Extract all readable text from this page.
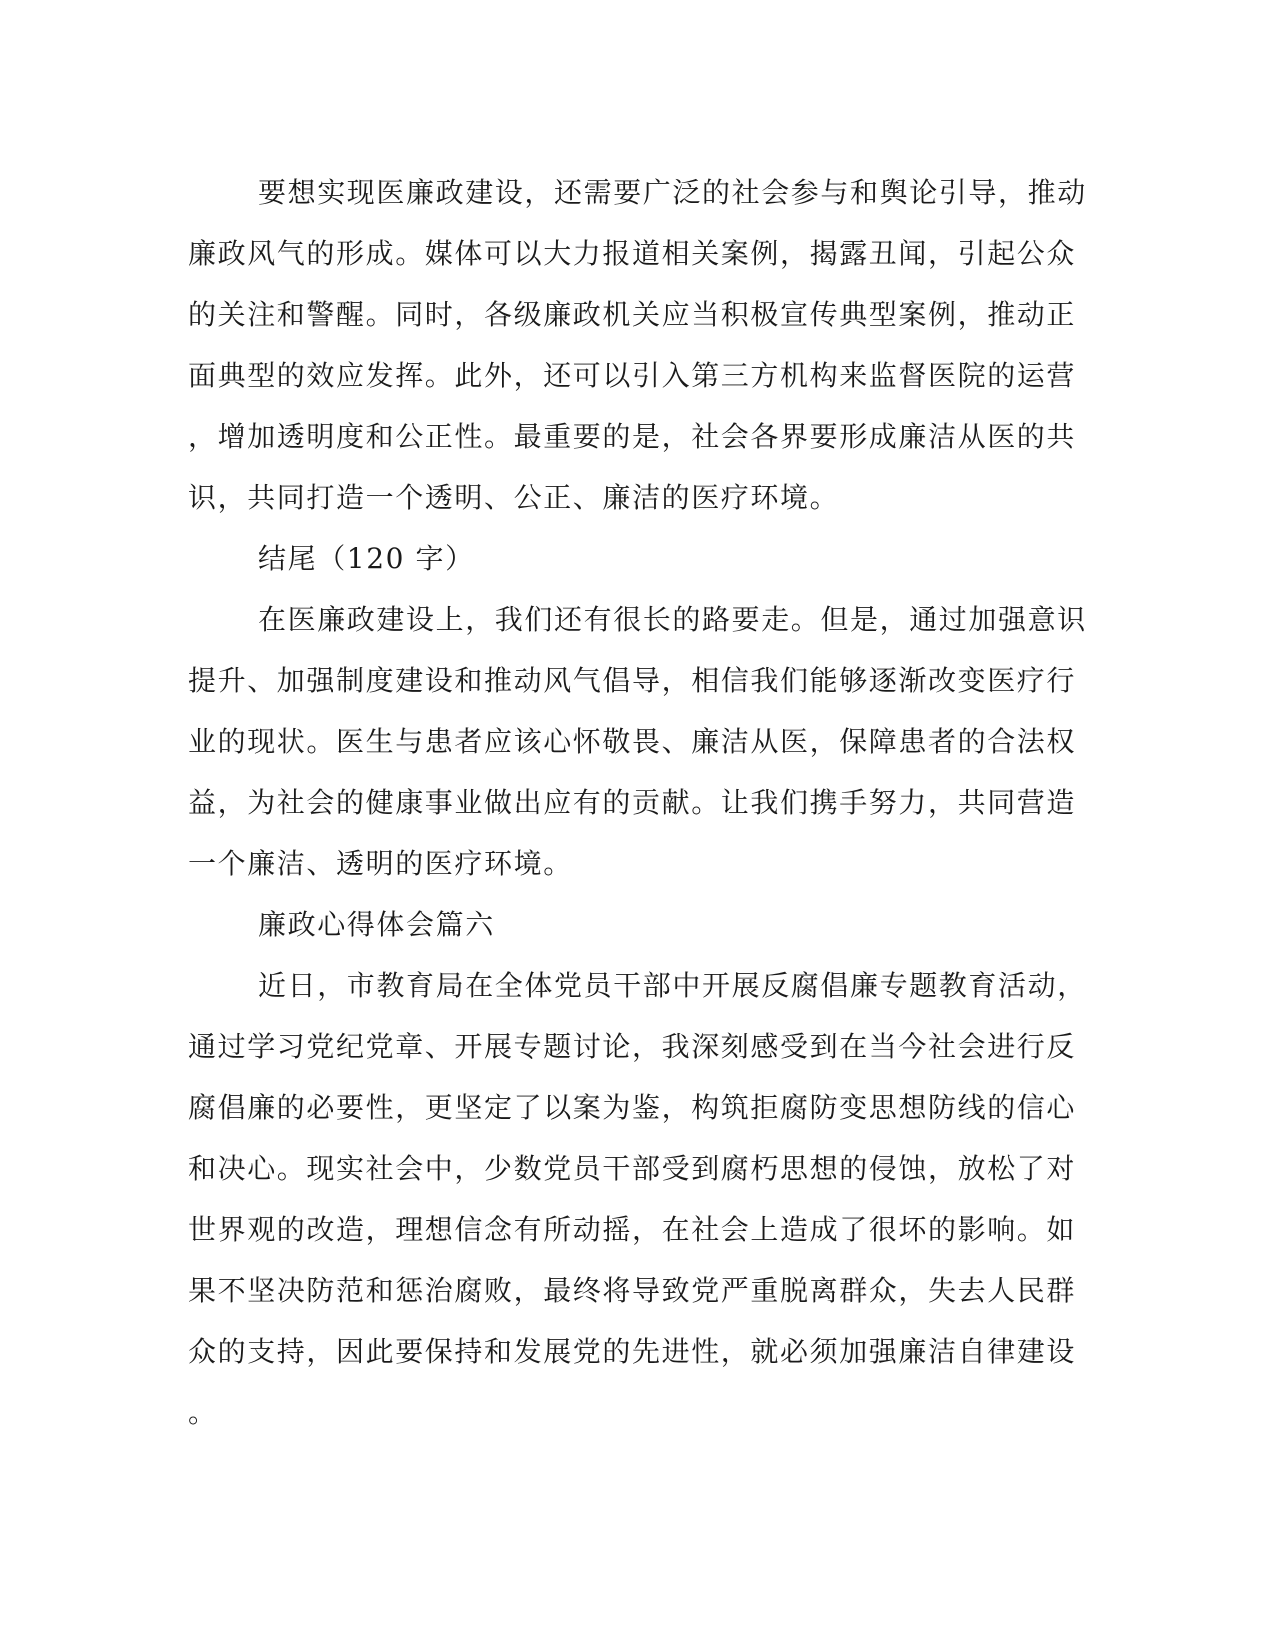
要想实现医廉政建设，还需要广泛的社会参与和舆论引导，推动
廉政风气的形成。媒体可以大力报道相关案例，揭露丑闻，引起公众
的关注和警醒。同时，各级廉政机关应当积极宣传典型案例，推动正
面典型的效应发挥。此外，还可以引入第三方机构来监督医院的运营
，增加透明度和公正性。最重要的是，社会各界要形成廉洁从医的共
识，共同打造一个透明、公正、廉洁的医疗环境。
结尾（120 字）
在医廉政建设上，我们还有很长的路要走。但是，通过加强意识
提升、加强制度建设和推动风气倡导，相信我们能够逐渐改变医疗行
业的现状。医生与患者应该心怀敬畏、廉洁从医，保障患者的合法权
益，为社会的健康事业做出应有的贡献。让我们携手努力，共同营造
一个廉洁、透明的医疗环境。
廉政心得体会篇六
近日，市教育局在全体党员干部中开展反腐倡廉专题教育活动，
通过学习党纪党章、开展专题讨论，我深刻感受到在当今社会进行反
腐倡廉的必要性，更坚定了以案为鉴，构筑拒腐防变思想防线的信心
和决心。现实社会中，少数党员干部受到腐朽思想的侵蚀，放松了对
世界观的改造，理想信念有所动摇，在社会上造成了很坏的影响。如
果不坚决防范和惩治腐败，最终将导致党严重脱离群众，失去人民群
众的支持，因此要保持和发展党的先进性，就必须加强廉洁自律建设
。
